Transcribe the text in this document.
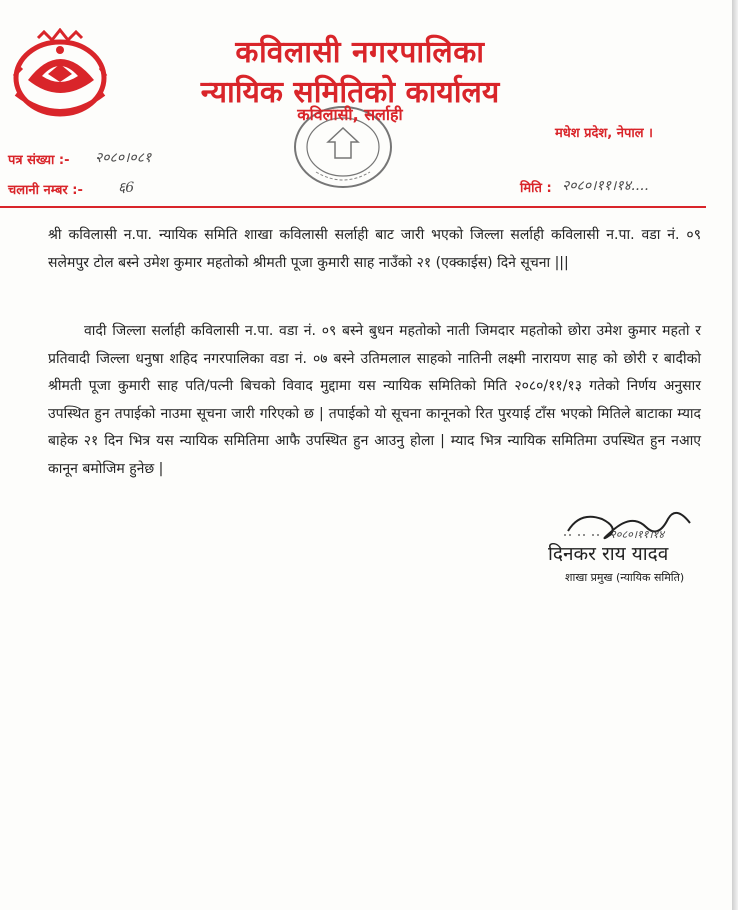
कविलासी नगरपालिका
न्यायिक समितिको कार्यालय
कविलासी, सर्लाही
मधेश प्रदेश, नेपाल ।
पत्र संख्या :- २०८०।०८१
चलानी नम्बर :-	६6	मिति : २०८०।११।१४....
श्री कविलासी न.पा. न्यायिक समिति शाखा कविलासी सर्लाही बाट जारी भएको जिल्ला सर्लाही कविलासी न.पा. वडा नं. ०९ सलेमपुर टोल बस्ने उमेश कुमार महतोको श्रीमती पूजा कुमारी साह नाउँको २१ (एक्काईस) दिने सूचना |||
वादी जिल्ला सर्लाही कविलासी न.पा. वडा नं. ०९ बस्ने बुधन महतोको नाती जिमदार महतोको छोरा उमेश कुमार महतो र प्रतिवादी जिल्ला धनुषा शहिद नगरपालिका वडा नं. ०७ बस्ने उतिमलाल साहको नातिनी लक्ष्मी नारायण साह को छोरी र बादीको श्रीमती पूजा कुमारी साह पति/पत्नी बिचको विवाद मुद्दामा यस न्यायिक समितिको मिति २०८०/११/१३ गतेको निर्णय अनुसार उपस्थित हुन तपाईको नाउमा सूचना जारी गरिएको छ | तपाईको यो सूचना कानूनको रित पुरयाई टाँस भएको मितिले बाटाका म्याद बाहेक २१ दिन भित्र यस न्यायिक समितिमा आफै उपस्थित हुन आउनु होला | म्याद भित्र न्यायिक समितिमा उपस्थित हुन नआए कानून बमोजिम हुनेछ |
२०८०।११।१४
दिनकर राय यादव
शाखा प्रमुख (न्यायिक समिति)
